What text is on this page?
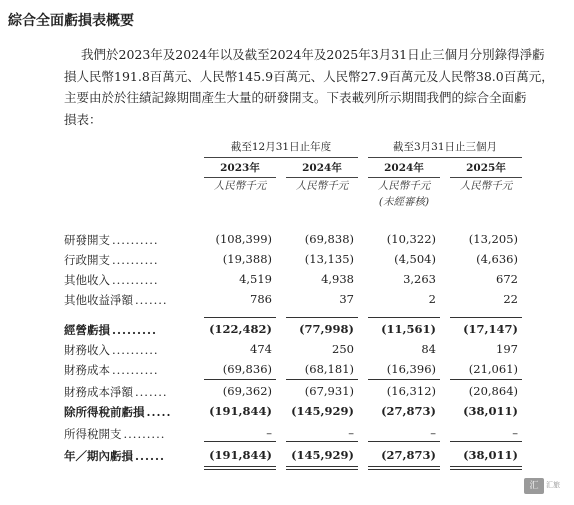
綜合全面虧損表概要

我們於2023年及2024年以及截至2024年及2025年3月31日止三個月分別錄得淨虧

損人民幣191.8百萬元、人民幣145.9百萬元、人民幣27.9百萬元及人民幣38.0百萬元，

主要由於於往績記錄期間產生大量的研發開支。下表載列所示期間我們的綜合全面虧

損表：

截至12月31日止年度	截至3月31日止三個月
2023年	2024年	2024年	2025年
人民幣千元	人民幣千元	人民幣千元	人民幣千元
(未經審核)
研發開支 ..........	(108,399)	(69,838)	(10,322)	(13,205)
行政開支 ..........	(19,388)	(13,135)	(4,504)	(4,636)
其他收入 ..........	4,519	4,938	3,263	672
其他收益淨額 .......	786	37	2	22
經營虧損 .........	(122,482)	(77,998)	(11,561)	(17,147)
財務收入 ..........	474	250	84	197
財務成本 ..........	(69,836)	(68,181)	(16,396)	(21,061)
財務成本淨額 .......	(69,362)	(67,931)	(16,312)	(20,864)
除所得稅前虧損 .....	(191,844)	(145,929)	(27,873)	(38,011)
所得稅開支 .........	–	–	–	–
年／期內虧損 ......	(191,844)	(145,929)	(27,873)	(38,011)
汇	汇旅
